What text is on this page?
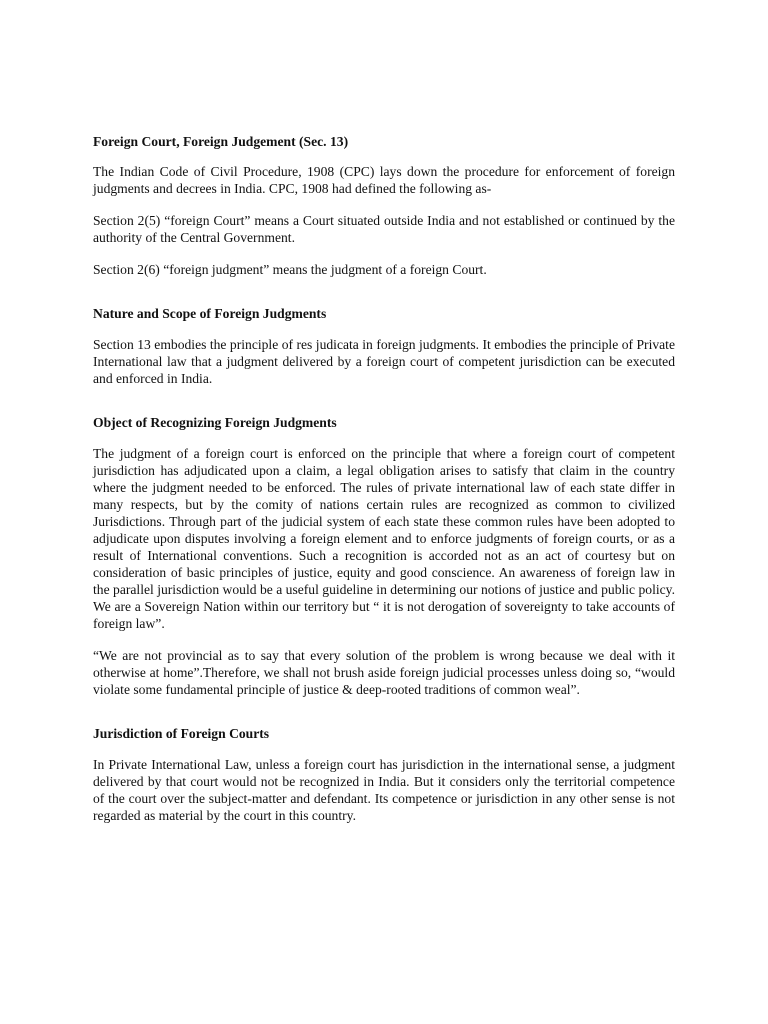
Foreign Court, Foreign Judgement (Sec. 13)

The Indian Code of Civil Procedure, 1908 (CPC) lays down the procedure for enforcement of foreign judgments and decrees in India. CPC, 1908 had defined the following as-

Section 2(5) “foreign Court” means a Court situated outside India and not established or continued by the authority of the Central Government.

Section 2(6) “foreign judgment” means the judgment of a foreign Court.

Nature and Scope of Foreign Judgments

Section 13 embodies the principle of res judicata in foreign judgments. It embodies the principle of Private International law that a judgment delivered by a foreign court of competent jurisdiction can be executed and enforced in India.

Object of Recognizing Foreign Judgments

The judgment of a foreign court is enforced on the principle that where a foreign court of competent jurisdiction has adjudicated upon a claim, a legal obligation arises to satisfy that claim in the country where the judgment needed to be enforced. The rules of private international law of each state differ in many respects, but by the comity of nations certain rules are recognized as common to civilized Jurisdictions. Through part of the judicial system of each state these common rules have been adopted to adjudicate upon disputes involving a foreign element and to enforce judgments of foreign courts, or as a result of International conventions. Such a recognition is accorded not as an act of courtesy but on consideration of basic principles of justice, equity and good conscience. An awareness of foreign law in the parallel jurisdiction would be a useful guideline in determining our notions of justice and public policy. We are a Sovereign Nation within our territory but “ it is not derogation of sovereignty to take accounts of foreign law”.

“We are not provincial as to say that every solution of the problem is wrong because we deal with it otherwise at home”.Therefore, we shall not brush aside foreign judicial processes unless doing so, “would violate some fundamental principle of justice & deep-rooted traditions of common weal”.

Jurisdiction of Foreign Courts

In Private International Law, unless a foreign court has jurisdiction in the international sense, a judgment delivered by that court would not be recognized in India. But it considers only the territorial competence of the court over the subject-matter and defendant. Its competence or jurisdiction in any other sense is not regarded as material by the court in this country.
